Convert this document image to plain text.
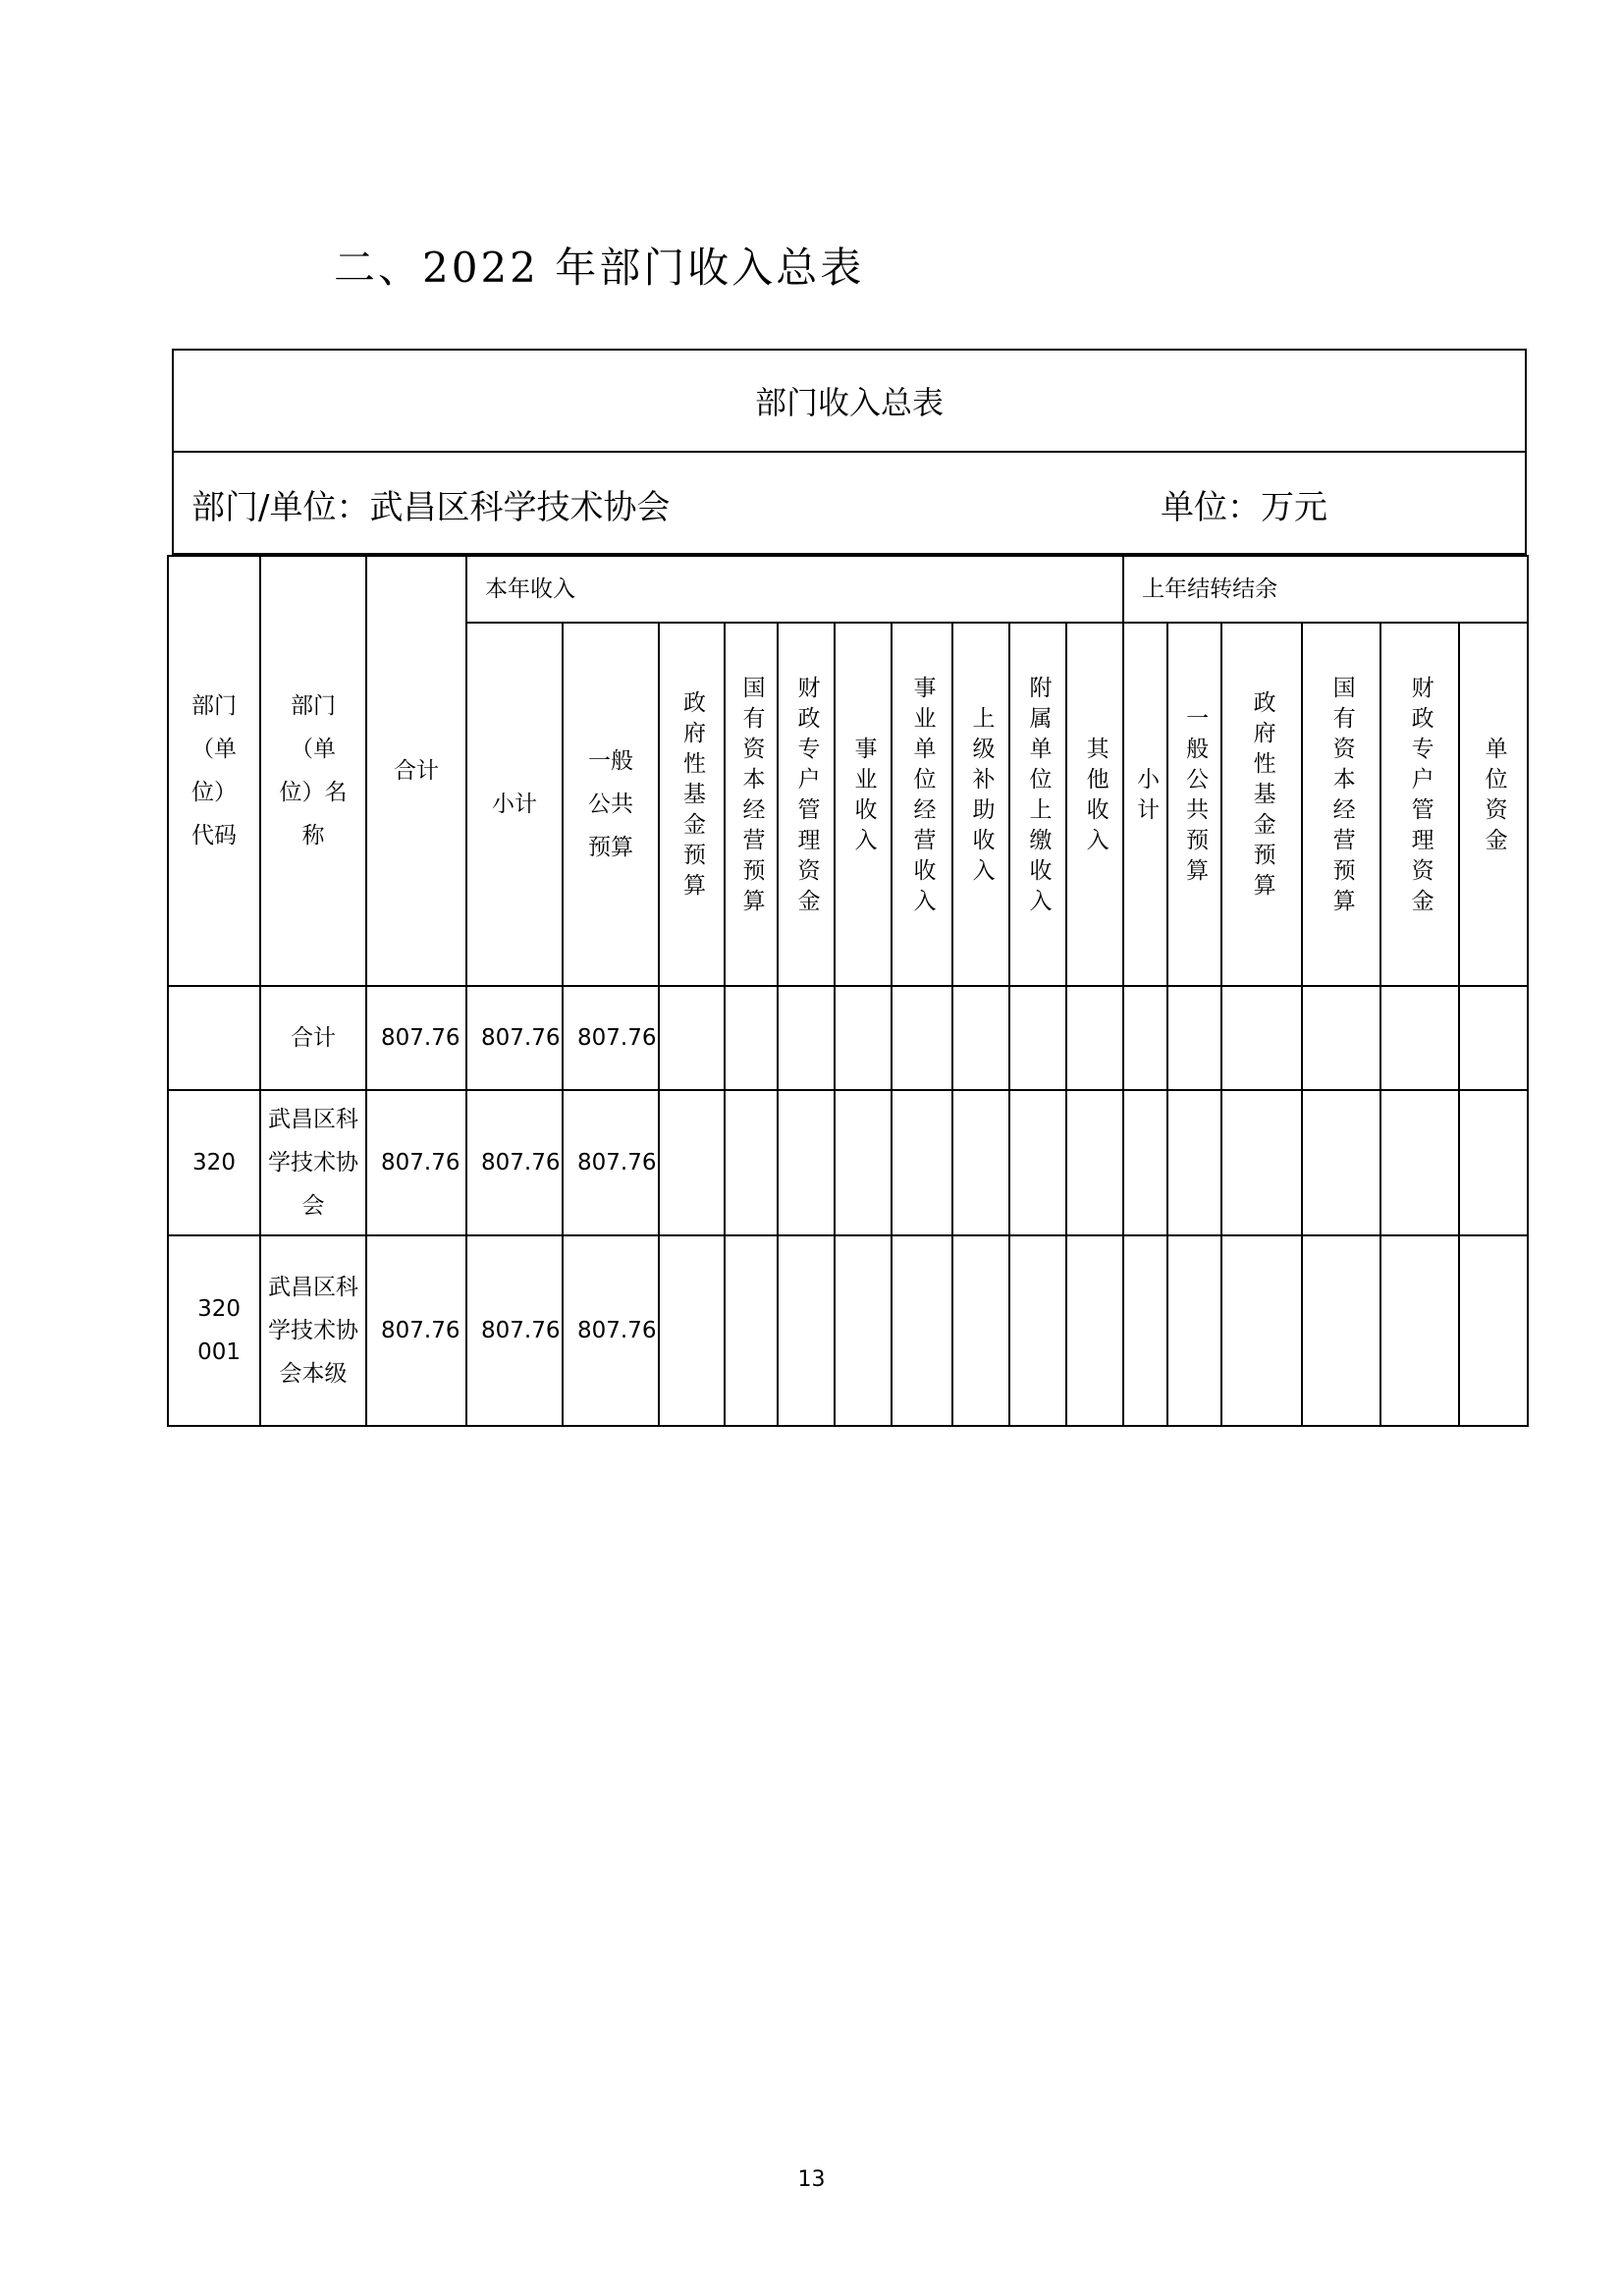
二、2022 年部门收入总表
部门收入总表
部门/单位：武昌区科学技术协会	单位：万元
部门（单位）代码	部门（单位）名称	合计	本年收入										上年结转结余					
			小计	一般公共预算	政府性基金预算	国有资本经营预算	财政专户管理资金	事业收入	事业单位经营收入	上级补助收入	附属单位上缴收入	其他收入	小计	一般公共预算	政府性基金预算	国有资本经营预算	财政专户管理资金	单位资金
	合计	807.76	807.76	807.76														
320	武昌区科学技术协会	807.76	807.76	807.76														
320001	武昌区科学技术协会本级	807.76	807.76	807.76														
13
